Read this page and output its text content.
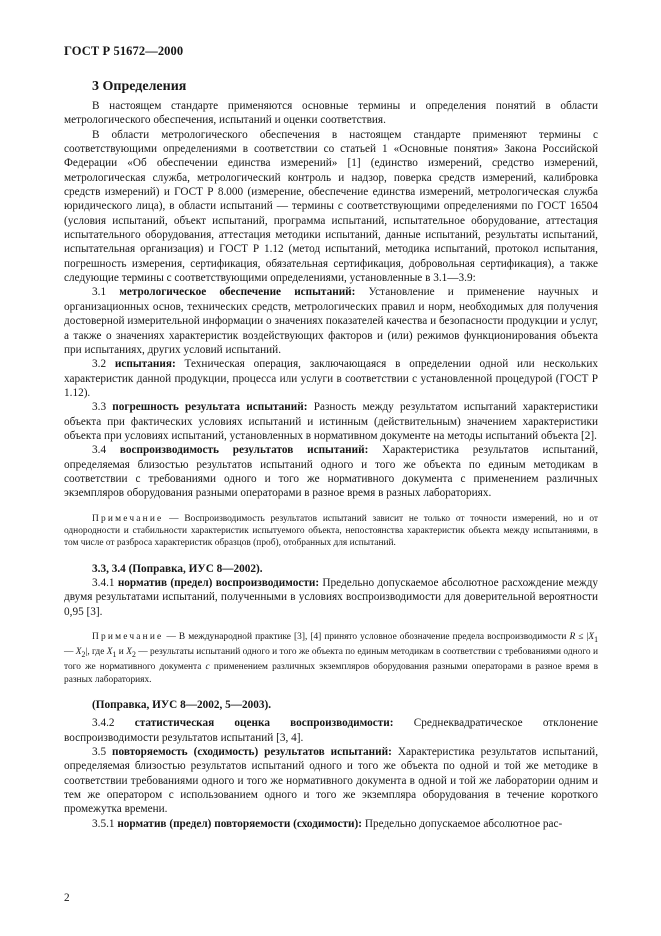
ГОСТ Р 51672—2000
3 Определения

В настоящем стандарте применяются основные термины и определения понятий в области метрологического обеспечения, испытаний и оценки соответствия.

В области метрологического обеспечения в настоящем стандарте применяют термины с соответствующими определениями в соответствии со статьей 1 «Основные понятия» Закона Российской Федерации «Об обеспечении единства измерений» [1] (единство измерений, средство измерений, метрологическая служба, метрологический контроль и надзор, поверка средств измерений, калибровка средств измерений) и ГОСТ Р 8.000 (измерение, обеспечение единства измерений, метрологическая служба юридического лица), в области испытаний — термины с соответствующими определениями по ГОСТ 16504 (условия испытаний, объект испытаний, программа испытаний, испытательное оборудование, аттестация испытательного оборудования, аттестация методики испытаний, данные испытаний, результаты испытаний, испытательная организация) и ГОСТ Р 1.12 (метод испытаний, методика испытаний, протокол испытания, погрешность измерения, сертификация, обязательная сертификация, добровольная сертификация), а также следующие термины с соответствующими определениями, установленные в 3.1—3.9:

3.1 метрологическое обеспечение испытаний: Установление и применение научных и организационных основ, технических средств, метрологических правил и норм, необходимых для получения достоверной измерительной информации о значениях показателей качества и безопасности продукции и услуг, а также о значениях характеристик воздействующих факторов и (или) режимов функционирования объекта при испытаниях, других условий испытаний.

3.2 испытания: Техническая операция, заключающаяся в определении одной или нескольких характеристик данной продукции, процесса или услуги в соответствии с установленной процедурой (ГОСТ Р 1.12).

3.3 погрешность результата испытаний: Разность между результатом испытаний характеристики объекта при фактических условиях испытаний и истинным (действительным) значением характеристики объекта при условиях испытаний, установленных в нормативном документе на методы испытаний объекта [2].

3.4 воспроизводимость результатов испытаний: Характеристика результатов испытаний, определяемая близостью результатов испытаний одного и того же объекта по единым методикам в соответствии с требованиями одного и того же нормативного документа с применением различных экземпляров оборудования разными операторами в разное время в разных лабораториях.

Примечание — Воспроизводимость результатов испытаний зависит не только от точности измерений, но и от однородности и стабильности характеристик испытуемого объекта, непостоянства характеристик объекта между испытаниями, в том числе от разброса характеристик образцов (проб), отобранных для испытаний.

3.3, 3.4 (Поправка, ИУС 8—2002).

3.4.1 норматив (предел) воспроизводимости: Предельно допускаемое абсолютное расхождение между двумя результатами испытаний, полученными в условиях воспроизводимости для доверительной вероятности 0,95 [3].

Примечание — В международной практике [3], [4] принято условное обозначение предела воспроизводимости $R \le |X_1$ — $X_2|$, где $X_1$ и $X_2$ — результаты испытаний одного и того же объекта по единым методикам в соответствии с требованиями одного и того же нормативного документа с применением различных экземпляров оборудования разными операторами в разное время в разных лабораториях.

(Поправка, ИУС 8—2002, 5—2003).

3.4.2 статистическая оценка воспроизводимости: Среднеквадратическое отклонение воспроизводимости результатов испытаний [3, 4].

3.5 повторяемость (сходимость) результатов испытаний: Характеристика результатов испытаний, определяемая близостью результатов испытаний одного и того же объекта по одной и той же методике в соответствии требованиями одного и того же нормативного документа в одной и той же лаборатории одним и тем же оператором с использованием одного и того же экземпляра оборудования в течение короткого промежутка времени.

3.5.1 норматив (предел) повторяемости (сходимости): Предельно допускаемое абсолютное рас-

2
